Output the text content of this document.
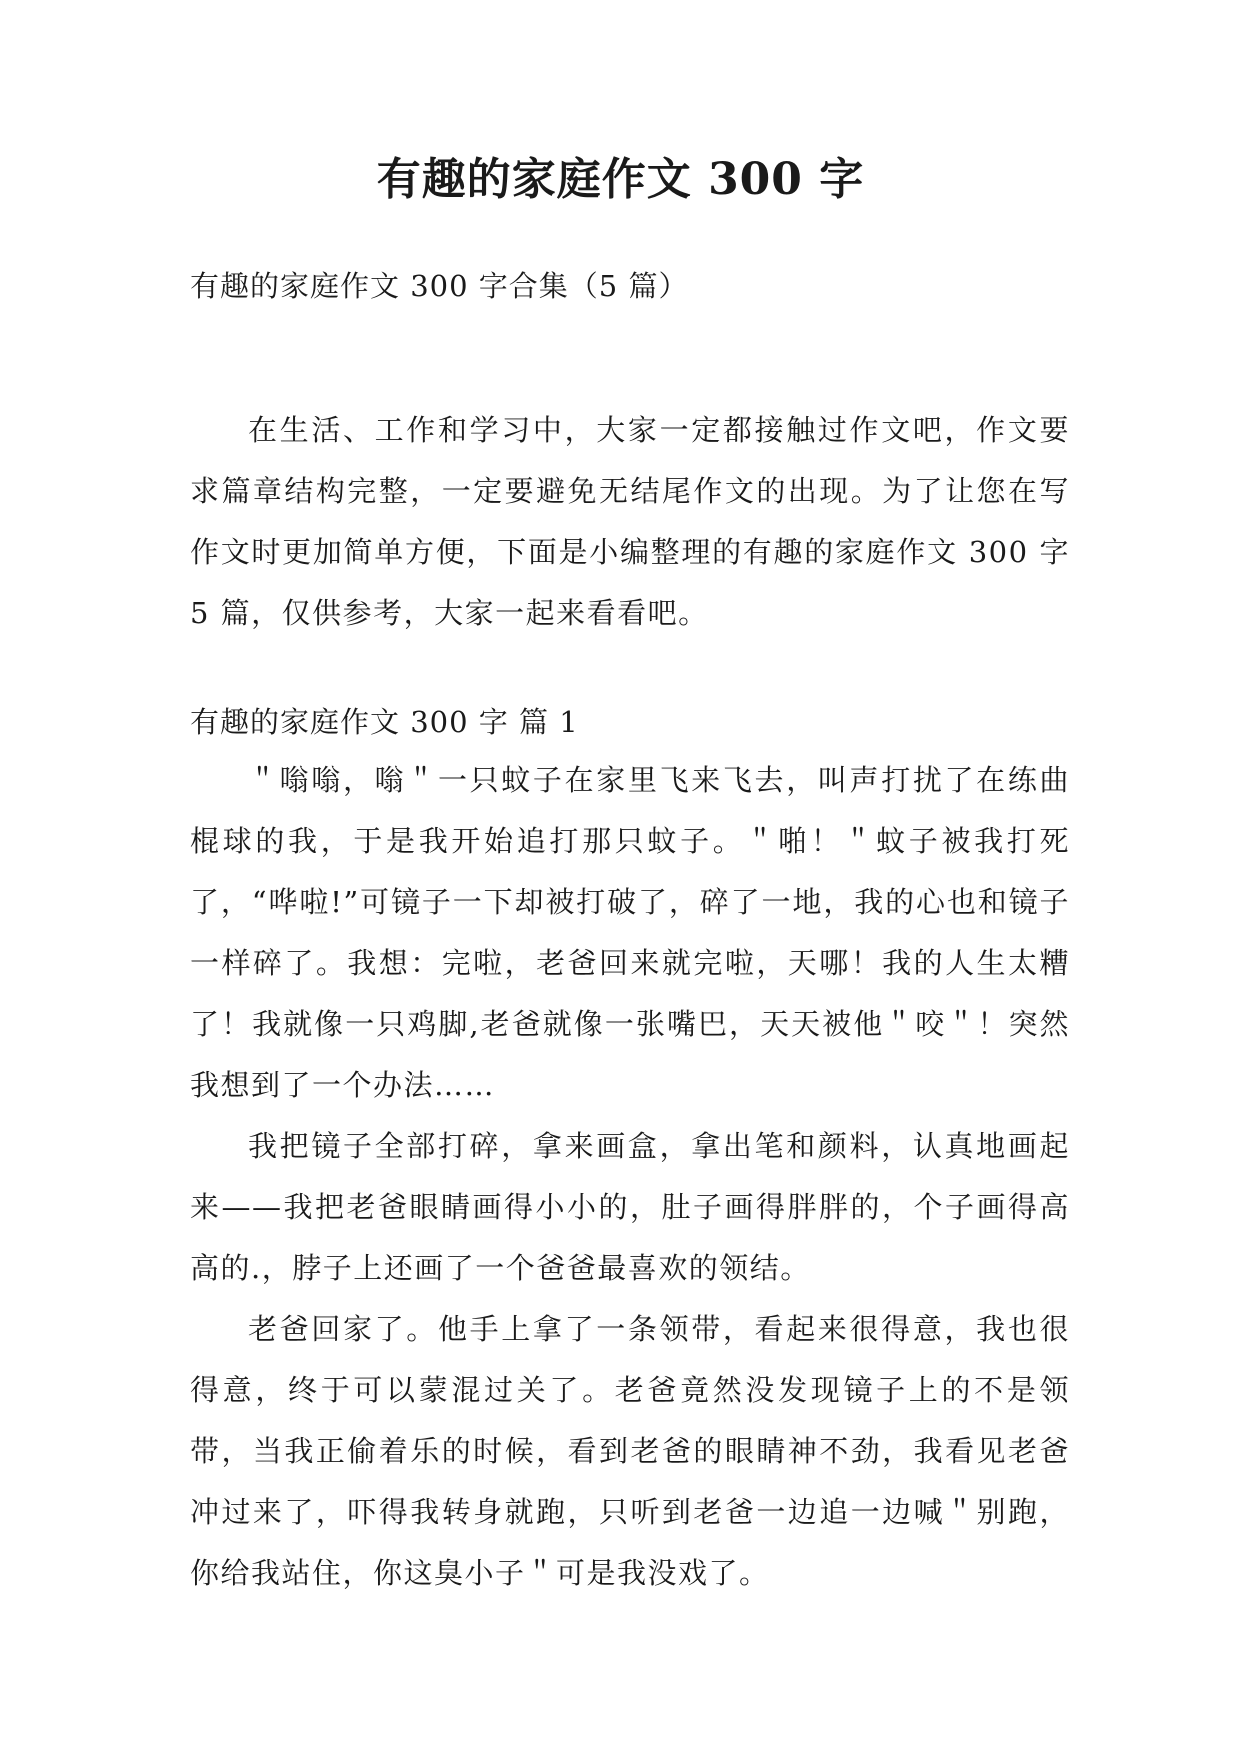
有趣的家庭作文 300 字
有趣的家庭作文 300 字合集（5 篇）

在生活、工作和学习中，大家一定都接触过作文吧，作文要求篇章结构完整，一定要避免无结尾作文的出现。为了让您在写作文时更加简单方便，下面是小编整理的有趣的家庭作文 300 字 5 篇，仅供参考，大家一起来看看吧。

有趣的家庭作文 300 字 篇 1

＂嗡嗡，嗡＂一只蚊子在家里飞来飞去，叫声打扰了在练曲棍球的我，于是我开始追打那只蚊子。＂啪！＂蚊子被我打死了，“哗啦!”可镜子一下却被打破了，碎了一地，我的心也和镜子一样碎了。我想：完啦，老爸回来就完啦，天哪！我的人生太糟了！我就像一只鸡脚,老爸就像一张嘴巴，天天被他＂咬＂！突然我想到了一个办法……

我把镜子全部打碎，拿来画盒，拿出笔和颜料，认真地画起来——我把老爸眼睛画得小小的，肚子画得胖胖的，个子画得高高的.，脖子上还画了一个爸爸最喜欢的领结。

老爸回家了。他手上拿了一条领带，看起来很得意，我也很得意，终于可以蒙混过关了。老爸竟然没发现镜子上的不是领带，当我正偷着乐的时候，看到老爸的眼睛神不劲，我看见老爸冲过来了，吓得我转身就跑，只听到老爸一边追一边喊＂别跑，你给我站住，你这臭小子＂可是我没戏了。
